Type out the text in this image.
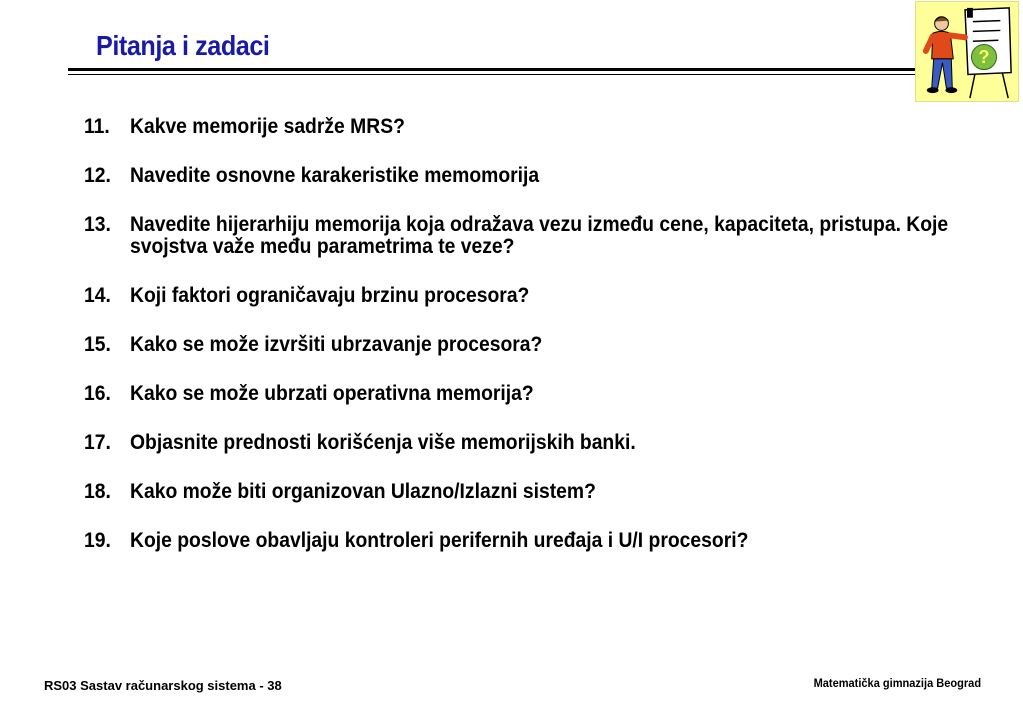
Pitanja i zadaci	?
11. Kakve memorije sadrže MRS?
12. Navedite osnovne karakeristike memomorija
13. Navedite hijerarhiju memorija koja odražava vezu između cene, kapaciteta, pristupa. Koje svojstva važe među parametrima te veze?
14. Koji faktori ograničavaju brzinu procesora?
15. Kako se može izvršiti ubrzavanje procesora?
16. Kako se može ubrzati operativna memorija?
17. Objasnite prednosti korišćenja više memorijskih banki.
18. Kako može biti organizovan Ulazno/Izlazni sistem?
19. Koje poslove obavljaju kontroleri perifernih uređaja i U/I procesori?
RS03 Sastav računarskog sistema - 38	Matematička gimnazija Beograd
